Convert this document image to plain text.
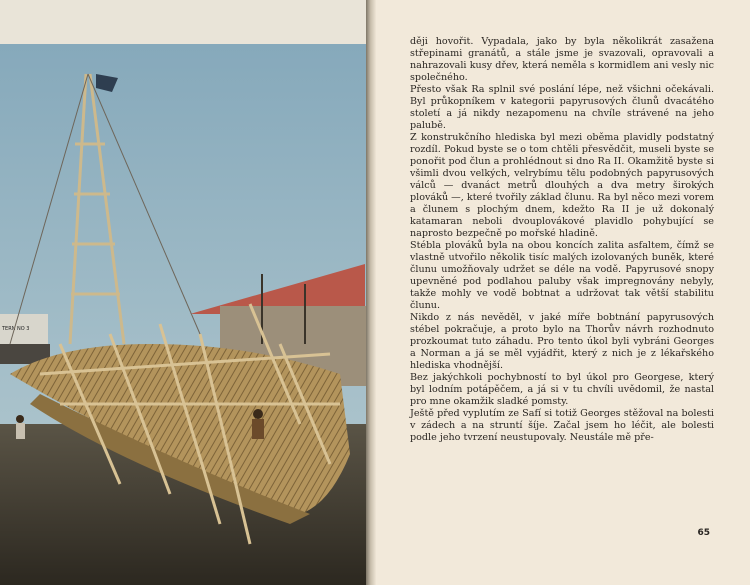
TERN NO 3

ději hovořit. Vypadala, jako by byla několikrát zasažena střepinami granátů, a stále jsme je svazovali, opravovali a nahrazovali kusy dřev, která neměla s kormidlem ani vesly nic společného.

Přesto však Ra splnil své poslání lépe, než všichni očekávali. Byl průkopníkem v kategorii papyrusových člunů dvacátého století a já nikdy nezapomenu na chvíle strávené na jeho palubě.

Z konstrukčního hlediska byl mezi oběma plavidly podstatný rozdíl. Pokud byste se o tom chtěli přesvědčit, museli byste se ponořit pod člun a prohlédnout si dno Ra II. Okamžitě byste si všimli dvou velkých, velrybímu tělu podobných papyrusových válců — dvanáct metrů dlouhých a dva metry širokých plováků —, které tvořily základ člunu. Ra byl něco mezi vorem a člunem s plochým dnem, kdežto Ra II je už dokonalý katamaran neboli dvouplovákové plavidlo pohybující se naprosto bezpečně po mořské hladině.

Stébla plováků byla na obou koncích zalita asfaltem, čímž se vlastně utvořilo několik tisíc malých izolovaných buněk, které člunu umožňovaly udržet se déle na vodě. Papyrusové snopy upevněné pod podlahou paluby však impregnovány nebyly, takže mohly ve vodě bobtnat a udržovat tak větší stabilitu člunu.

Nikdo z nás nevěděl, v jaké míře bobtnání papyrusových stébel pokračuje, a proto bylo na Thorův návrh rozhodnuto prozkoumat tuto záhadu. Pro tento úkol byli vybráni Georges a Norman a já se měl vyjádřit, který z nich je z lékařského hlediska vhodnější.

Bez jakýchkoli pochybností to byl úkol pro Georgese, který byl lodním potápěčem, a já si v tu chvíli uvědomil, že nastal pro mne okamžik sladké pomsty.

Ještě před vyplutím ze Safí si totiž Georges stěžoval na bolesti v zádech a na struntí šíje. Začal jsem ho léčit, ale bolesti podle jeho tvrzení neustupovaly. Neustále mě pře-

65
